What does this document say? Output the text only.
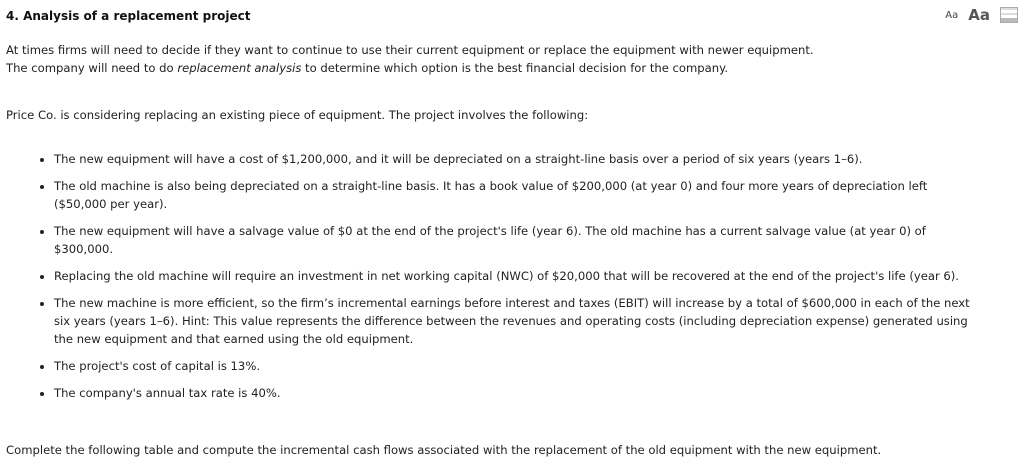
4. Analysis of a replacement project	Aa Aa

At times firms will need to decide if they want to continue to use their current equipment or replace the equipment with newer equipment.
The company will need to do replacement analysis to determine which option is the best financial decision for the company.

Price Co. is considering replacing an existing piece of equipment. The project involves the following:

• The new equipment will have a cost of $1,200,000, and it will be depreciated on a straight-line basis over a period of six years (years 1–6).
• The old machine is also being depreciated on a straight-line basis. It has a book value of $200,000 (at year 0) and four more years of depreciation left ($50,000 per year).
• The new equipment will have a salvage value of $0 at the end of the project's life (year 6). The old machine has a current salvage value (at year 0) of $300,000.
• Replacing the old machine will require an investment in net working capital (NWC) of $20,000 that will be recovered at the end of the project's life (year 6).
• The new machine is more efficient, so the firm’s incremental earnings before interest and taxes (EBIT) will increase by a total of $600,000 in each of the next six years (years 1–6). Hint: This value represents the difference between the revenues and operating costs (including depreciation expense) generated using the new equipment and that earned using the old equipment.
• The project's cost of capital is 13%.
• The company's annual tax rate is 40%.

Complete the following table and compute the incremental cash flows associated with the replacement of the old equipment with the new equipment.
